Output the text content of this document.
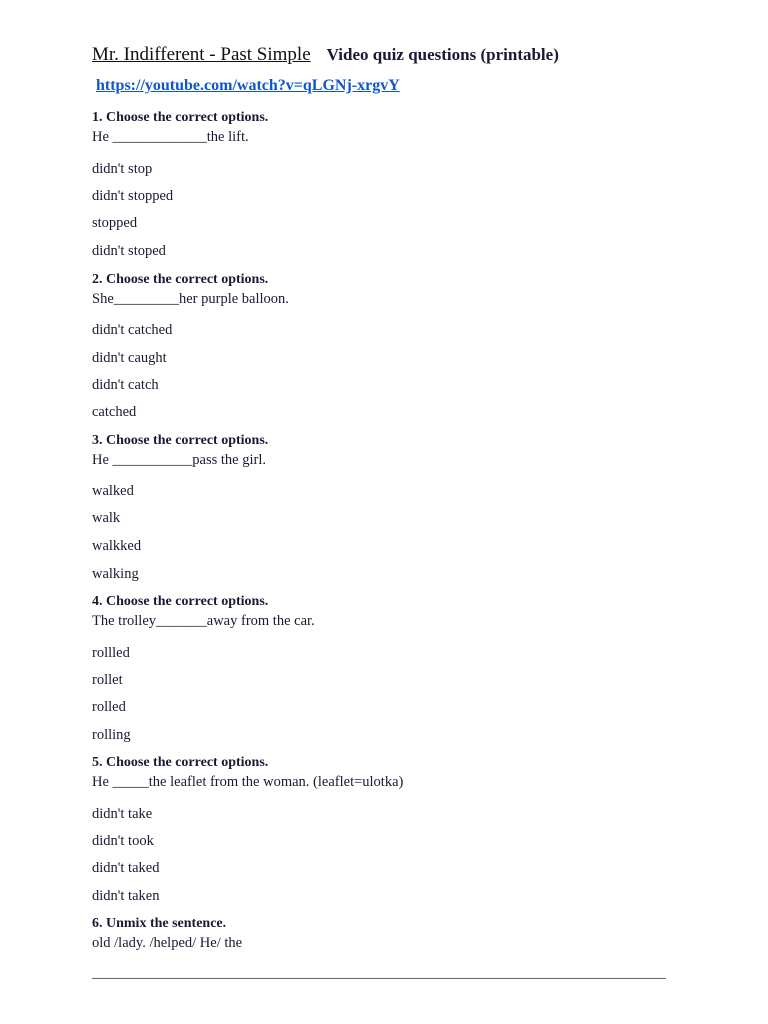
Mr. Indifferent - Past Simple Video quiz questions (printable)
https://youtube.com/watch?v=qLGNj-xrgvY
1. Choose the correct options.
He _____________the lift.
didn't stop
didn't stopped
stopped
didn't stoped
2. Choose the correct options.
She_________her purple balloon.
didn't catched
didn't caught
didn't catch
catched
3. Choose the correct options.
He ___________pass the girl.
walked
walk
walkked
walking
4. Choose the correct options.
The trolley_______away from the car.
rollled
rollet
rolled
rolling
5. Choose the correct options.
He _____the leaflet from the woman. (leaflet=ulotka)
didn't take
didn't took
didn't taked
didn't taken
6. Unmix the sentence.
old /lady. /helped/ He/ the
__________________________________________________________________________________
